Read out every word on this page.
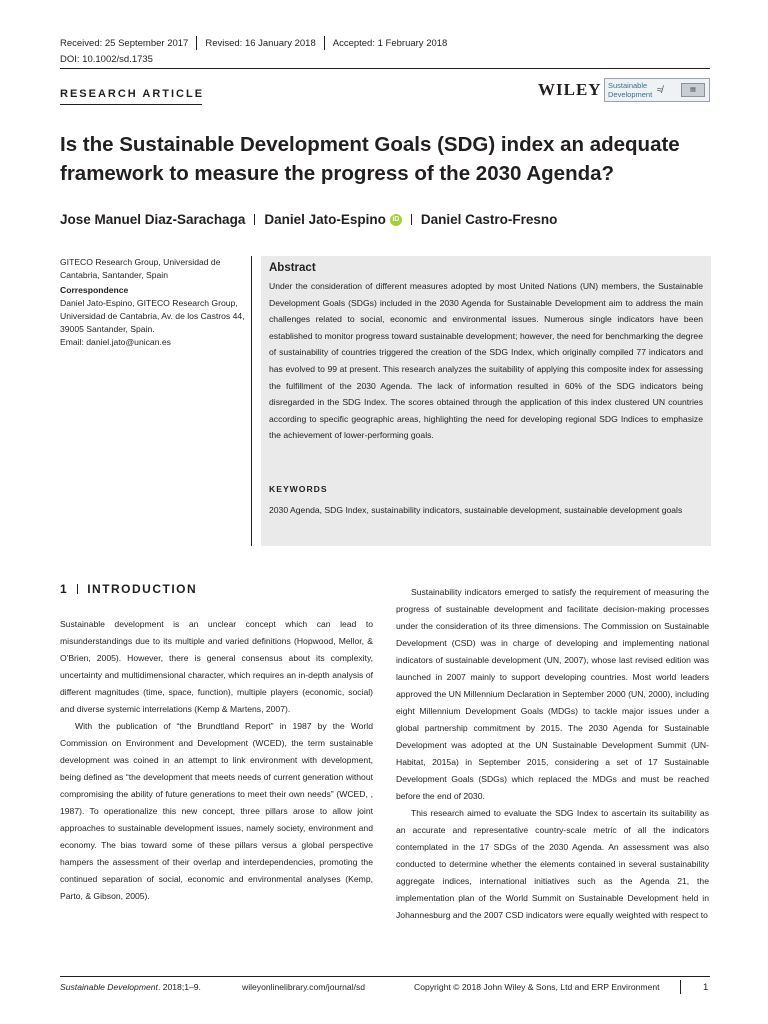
Received: 25 September 2017 Revised: 16 January 2018 Accepted: 1 February 2018
DOI: 10.1002/sd.1735
RESEARCH ARTICLE	WILEY Sustainable
Development ≉	▤
Is the Sustainable Development Goals (SDG) index an adequate framework to measure the progress of the 2030 Agenda?
Jose Manuel Diaz-Sarachaga Daniel Jato-Espino iD Daniel Castro-Fresno
GITECO Research Group, Universidad de Cantabria, Santander, Spain
Correspondence
Daniel Jato-Espino, GITECO Research Group, Universidad de Cantabria, Av. de los Castros 44, 39005 Santander, Spain.
Email: daniel.jato@unican.es
Abstract
Under the consideration of different measures adopted by most United Nations (UN) members, the Sustainable Development Goals (SDGs) included in the 2030 Agenda for Sustainable Development aim to address the main challenges related to social, economic and environmental issues. Numerous single indicators have been established to monitor progress toward sustainable development; however, the need for benchmarking the degree of sustainability of countries triggered the creation of the SDG Index, which originally compiled 77 indicators and has evolved to 99 at present. This research analyzes the suitability of applying this composite index for assessing the fulfillment of the 2030 Agenda. The lack of information resulted in 60% of the SDG indicators being disregarded in the SDG Index. The scores obtained through the application of this index clustered UN countries according to specific geographic areas, highlighting the need for developing regional SDG Indices to emphasize the achievement of lower-performing goals.
KEYWORDS
2030 Agenda, SDG Index, sustainability indicators, sustainable development, sustainable development goals
1 INTRODUCTION

Sustainable development is an unclear concept which can lead to misunderstandings due to its multiple and varied definitions (Hopwood, Mellor, & O'Brien, 2005). However, there is general consensus about its complexity, uncertainty and multidimensional character, which requires an in-depth analysis of different magnitudes (time, space, function), multiple players (economic, social) and diverse systemic interrelations (Kemp & Martens, 2007).

With the publication of “the Brundtland Report” in 1987 by the World Commission on Environment and Development (WCED), the term sustainable development was coined in an attempt to link environment with development, being defined as “the development that meets needs of current generation without compromising the ability of future generations to meet their own needs” (WCED, , 1987). To operationalize this new concept, three pillars arose to allow joint approaches to sustainable development issues, namely society, environment and economy. The bias toward some of these pillars versus a global perspective hampers the assessment of their overlap and interdependencies, promoting the continued separation of social, economic and environmental analyses (Kemp, Parto, & Gibson, 2005).

Sustainability indicators emerged to satisfy the requirement of measuring the progress of sustainable development and facilitate decision-making processes under the consideration of its three dimensions. The Commission on Sustainable Development (CSD) was in charge of developing and implementing national indicators of sustainable development (UN, 2007), whose last revised edition was launched in 2007 mainly to support developing countries. Most world leaders approved the UN Millennium Declaration in September 2000 (UN, 2000), including eight Millennium Development Goals (MDGs) to tackle major issues under a global partnership commitment by 2015. The 2030 Agenda for Sustainable Development was adopted at the UN Sustainable Development Summit (UN-Habitat, 2015a) in September 2015, considering a set of 17 Sustainable Development Goals (SDGs) which replaced the MDGs and must be reached before the end of 2030.

This research aimed to evaluate the SDG Index to ascertain its suitability as an accurate and representative country-scale metric of all the indicators contemplated in the 17 SDGs of the 2030 Agenda. An assessment was also conducted to determine whether the elements contained in several sustainability aggregate indices, international initiatives such as the Agenda 21, the implementation plan of the World Summit on Sustainable Development held in Johannesburg and the 2007 CSD indicators were equally weighted with respect to

Sustainable Development. 2018;1–9.	wileyonlinelibrary.com/journal/sd	Copyright © 2018 John Wiley & Sons, Ltd and ERP Environment	1
